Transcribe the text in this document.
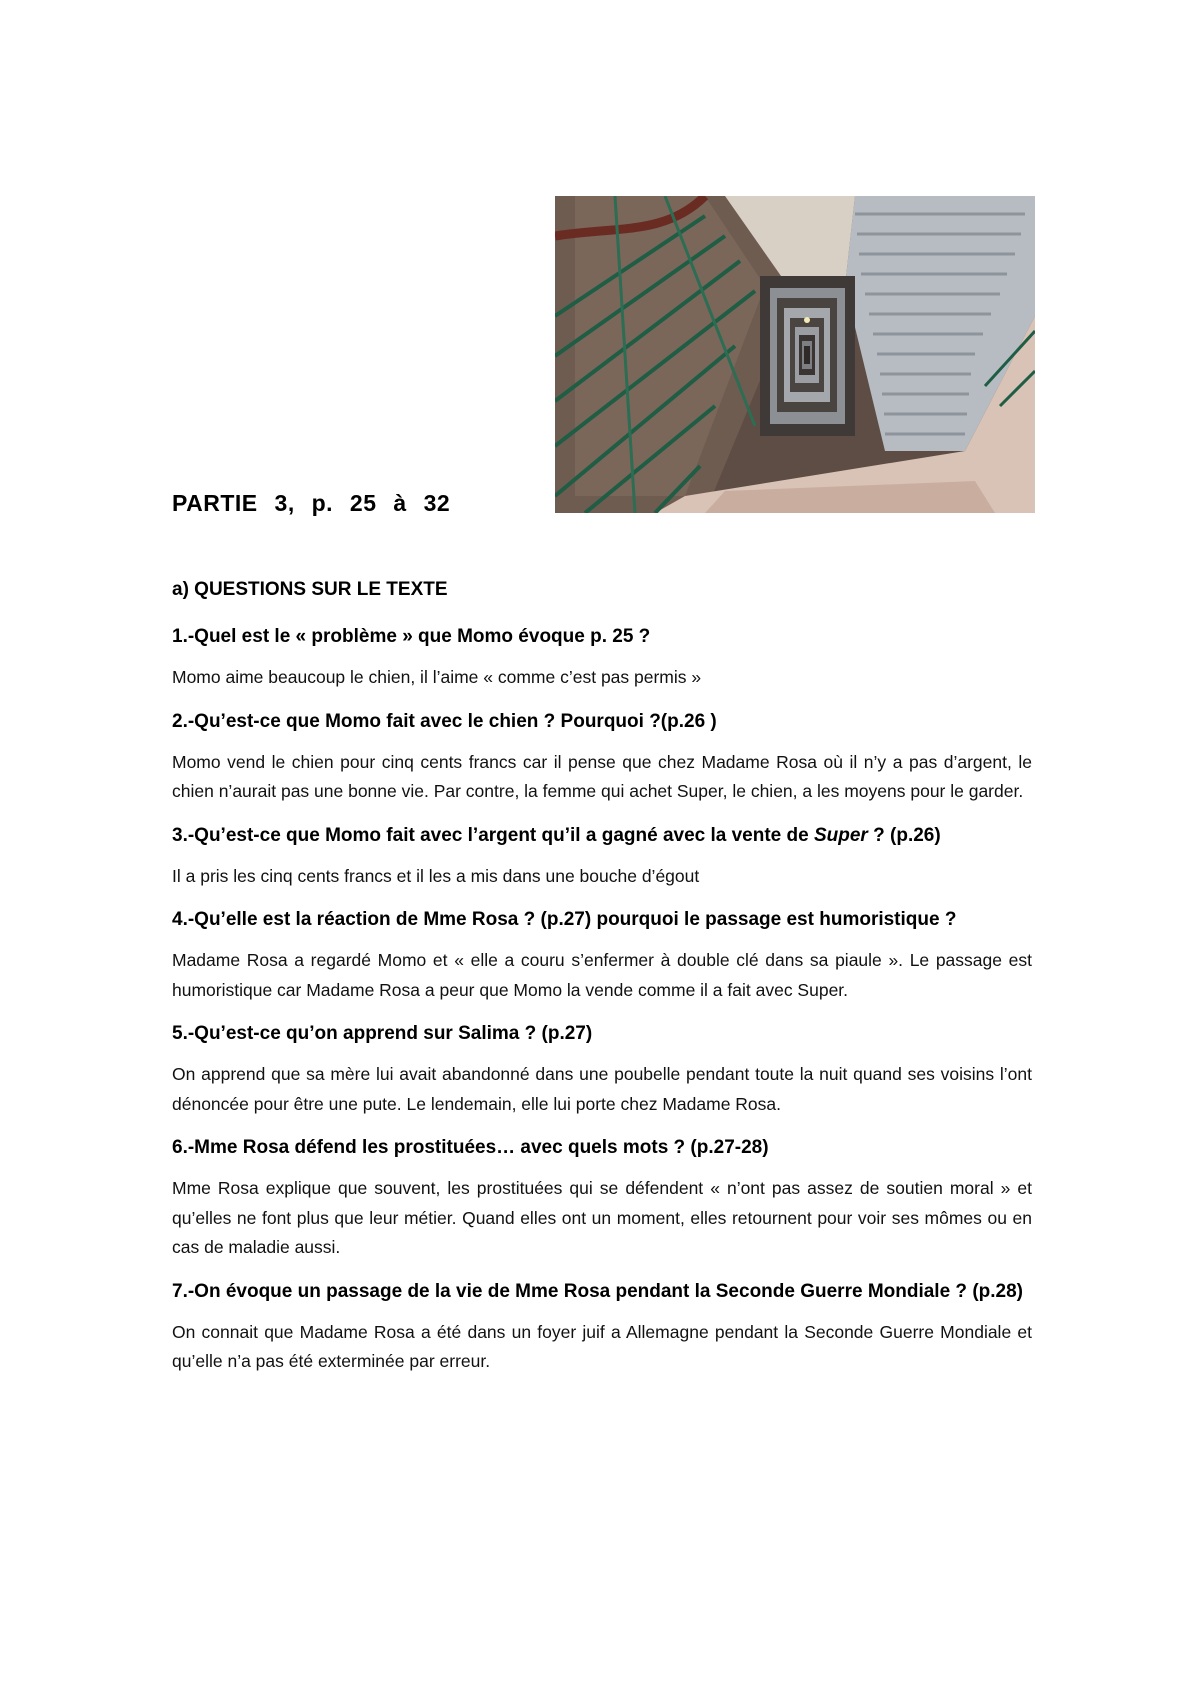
PARTIE 3, p. 25 à 32

a) QUESTIONS SUR LE TEXTE

1.-Quel est le « problème » que Momo évoque p. 25 ?

Momo aime beaucoup le chien, il l’aime « comme c’est pas permis »

2.-Qu’est-ce que Momo fait avec le chien ? Pourquoi ?(p.26 )

Momo vend le chien pour cinq cents francs car il pense que chez Madame Rosa où il n’y a pas d’argent, le chien n’aurait pas une bonne vie. Par contre, la femme qui achet Super, le chien, a les moyens pour le garder.

3.-Qu’est-ce que Momo fait avec l’argent qu’il a gagné avec la vente de Super ? (p.26)

Il a pris les cinq cents francs et il les a mis dans une bouche d’égout

4.-Qu’elle est la réaction de Mme Rosa ? (p.27) pourquoi le passage est humoristique ?

Madame Rosa a regardé Momo et « elle a couru s’enfermer à double clé dans sa piaule ». Le passage est humoristique car Madame Rosa a peur que Momo la vende comme il a fait avec Super.

5.-Qu’est-ce qu’on apprend sur Salima ? (p.27)

On apprend que sa mère lui avait abandonné dans une poubelle pendant toute la nuit quand ses voisins l’ont dénoncée pour être une pute. Le lendemain, elle lui porte chez Madame Rosa.

6.-Mme Rosa défend les prostituées… avec quels mots ? (p.27-28)

Mme Rosa explique que souvent, les prostituées qui se défendent « n’ont pas assez de soutien moral » et qu’elles ne font plus que leur métier. Quand elles ont un moment, elles retournent pour voir ses mômes ou en cas de maladie aussi.

7.-On évoque un passage de la vie de Mme Rosa pendant la Seconde Guerre Mondiale ? (p.28)

On connait que Madame Rosa a été dans un foyer juif a Allemagne pendant la Seconde Guerre Mondiale et qu’elle n’a pas été exterminée par erreur.
